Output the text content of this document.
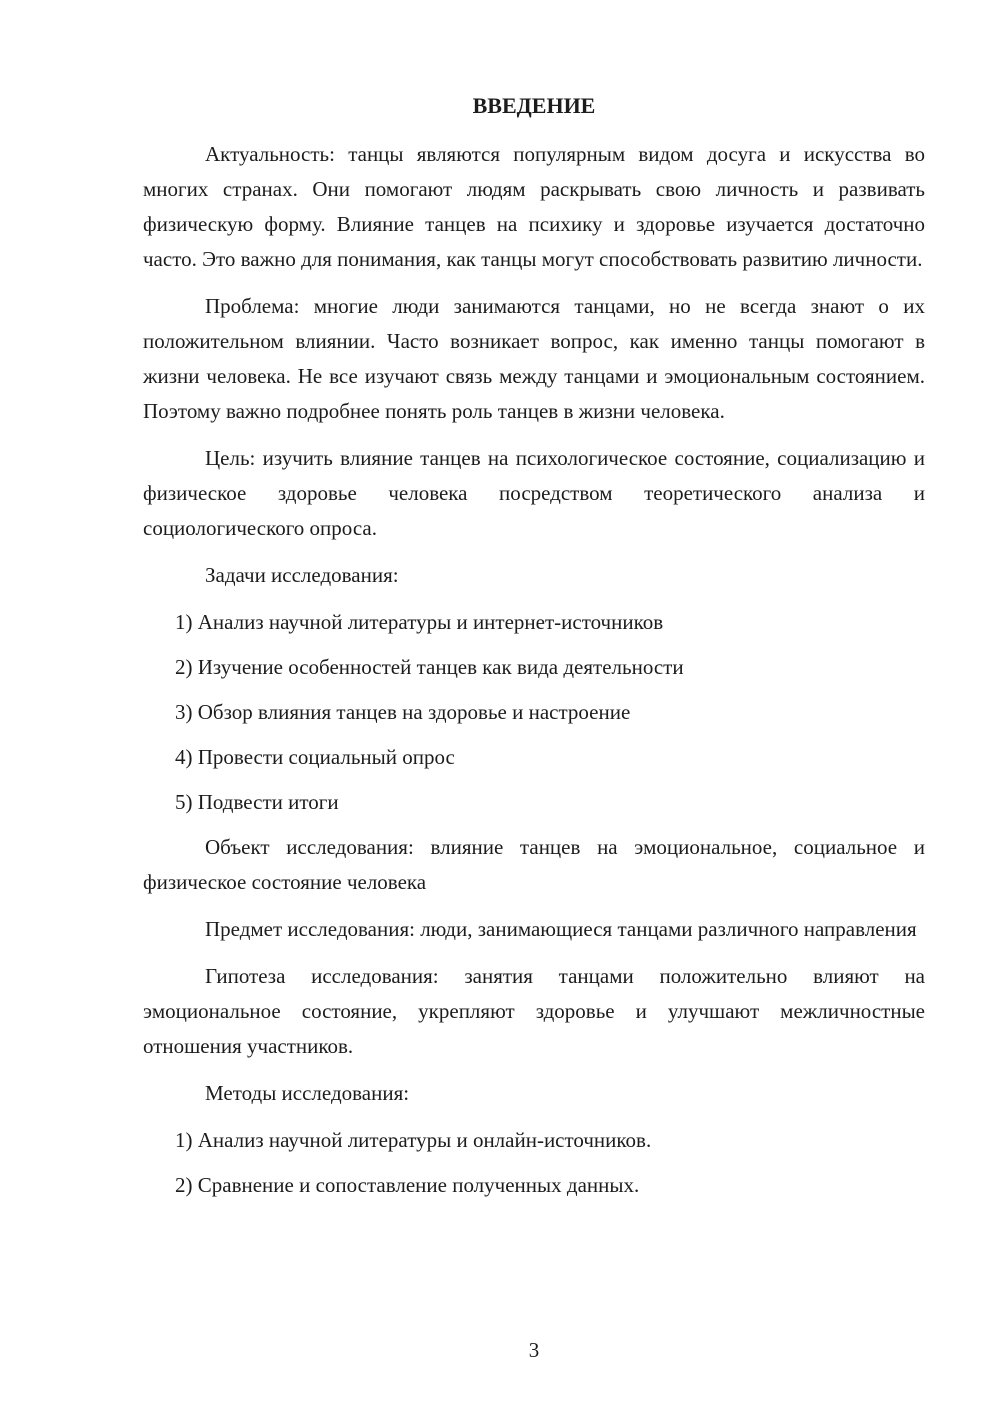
ВВЕДЕНИЕ

Актуальность: танцы являются популярным видом досуга и искусства во многих странах. Они помогают людям раскрывать свою личность и развивать физическую форму. Влияние танцев на психику и здоровье изучается достаточно часто. Это важно для понимания, как танцы могут способствовать развитию личности.

Проблема: многие люди занимаются танцами, но не всегда знают о их положительном влиянии. Часто возникает вопрос, как именно танцы помогают в жизни человека. Не все изучают связь между танцами и эмоциональным состоянием. Поэтому важно подробнее понять роль танцев в жизни человека.

Цель: изучить влияние танцев на психологическое состояние, социализацию и физическое здоровье человека посредством теоретического анализа и социологического опроса.

Задачи исследования:

1) Анализ научной литературы и интернет-источников

2) Изучение особенностей танцев как вида деятельности

3) Обзор влияния танцев на здоровье и настроение

4) Провести социальный опрос

5) Подвести итоги

Объект исследования: влияние танцев на эмоциональное, социальное и физическое состояние человека

Предмет исследования: люди, занимающиеся танцами различного направления

Гипотеза исследования: занятия танцами положительно влияют на эмоциональное состояние, укрепляют здоровье и улучшают межличностные отношения участников.

Методы исследования:

1) Анализ научной литературы и онлайн-источников.

2) Сравнение и сопоставление полученных данных.

3
